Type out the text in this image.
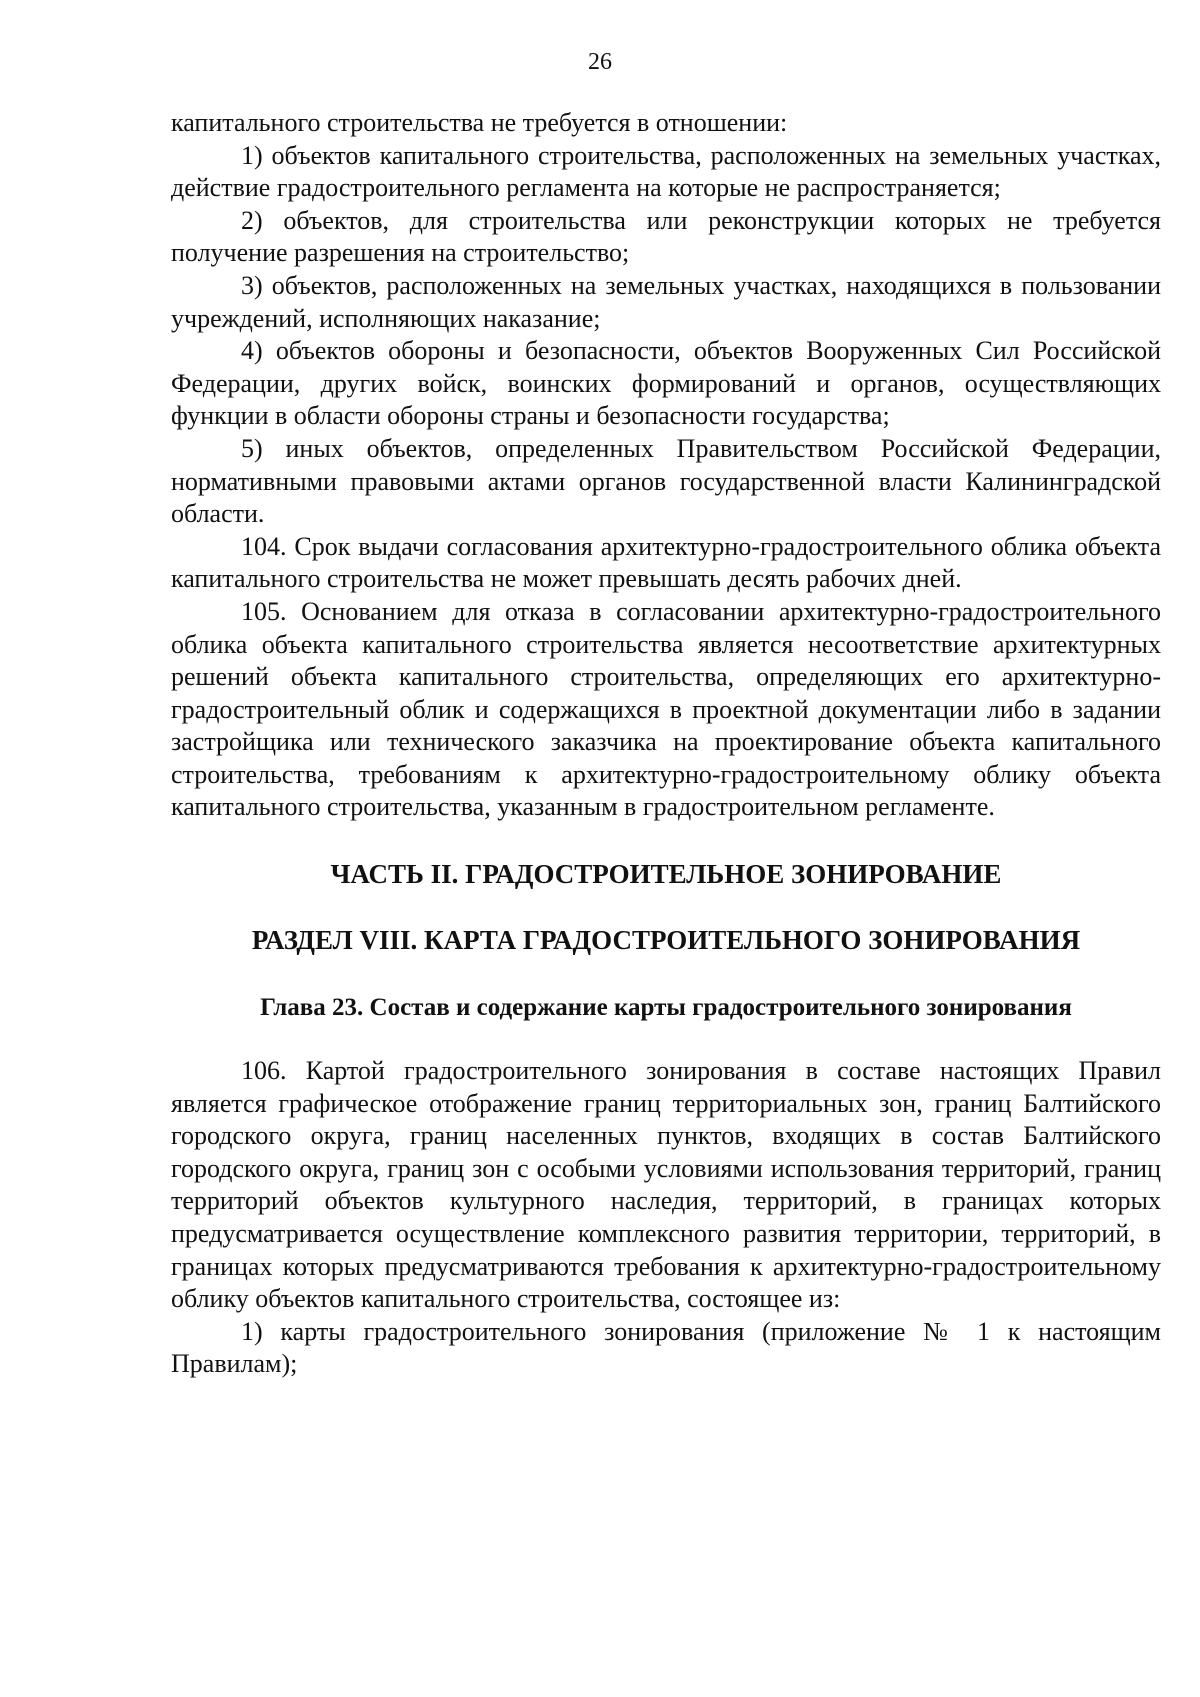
26

капитального строительства не требуется в отношении:

1) объектов капитального строительства, расположенных на земельных участках, действие градостроительного регламента на которые не распространяется;

2) объектов, для строительства или реконструкции которых не требуется получение разрешения на строительство;

3) объектов, расположенных на земельных участках, находящихся в пользовании учреждений, исполняющих наказание;

4) объектов обороны и безопасности, объектов Вооруженных Сил Российской Федерации, других войск, воинских формирований и органов, осуществляющих функции в области обороны страны и безопасности государства;

5) иных объектов, определенных Правительством Российской Федерации, нормативными правовыми актами органов государственной власти Калининградской области.

104. Срок выдачи согласования архитектурно-градостроительного облика объекта капитального строительства не может превышать десять рабочих дней.

105. Основанием для отказа в согласовании архитектурно-градостроительного облика объекта капитального строительства является несоответствие архитектурных решений объекта капитального строительства, определяющих его архитектурно-градостроительный облик и содержащихся в проектной документации либо в задании застройщика или технического заказчика на проектирование объекта капитального строительства, требованиям к архитектурно-градостроительному облику объекта капитального строительства, указанным в градостроительном регламенте.

ЧАСТЬ II. ГРАДОСТРОИТЕЛЬНОЕ ЗОНИРОВАНИЕ
РАЗДЕЛ VIII. КАРТА ГРАДОСТРОИТЕЛЬНОГО ЗОНИРОВАНИЯ
Глава 23. Состав и содержание карты градостроительного зонирования

106. Картой градостроительного зонирования в составе настоящих Правил является графическое отображение границ территориальных зон, границ Балтийского городского округа, границ населенных пунктов, входящих в состав Балтийского городского округа, границ зон с особыми условиями использования территорий, границ территорий объектов культурного наследия, территорий, в границах которых предусматривается осуществление комплексного развития территории, территорий, в границах которых предусматриваются требования к архитектурно-градостроительному облику объектов капитального строительства, состоящее из:

1) карты градостроительного зонирования (приложение № 1 к настоящим Правилам);
